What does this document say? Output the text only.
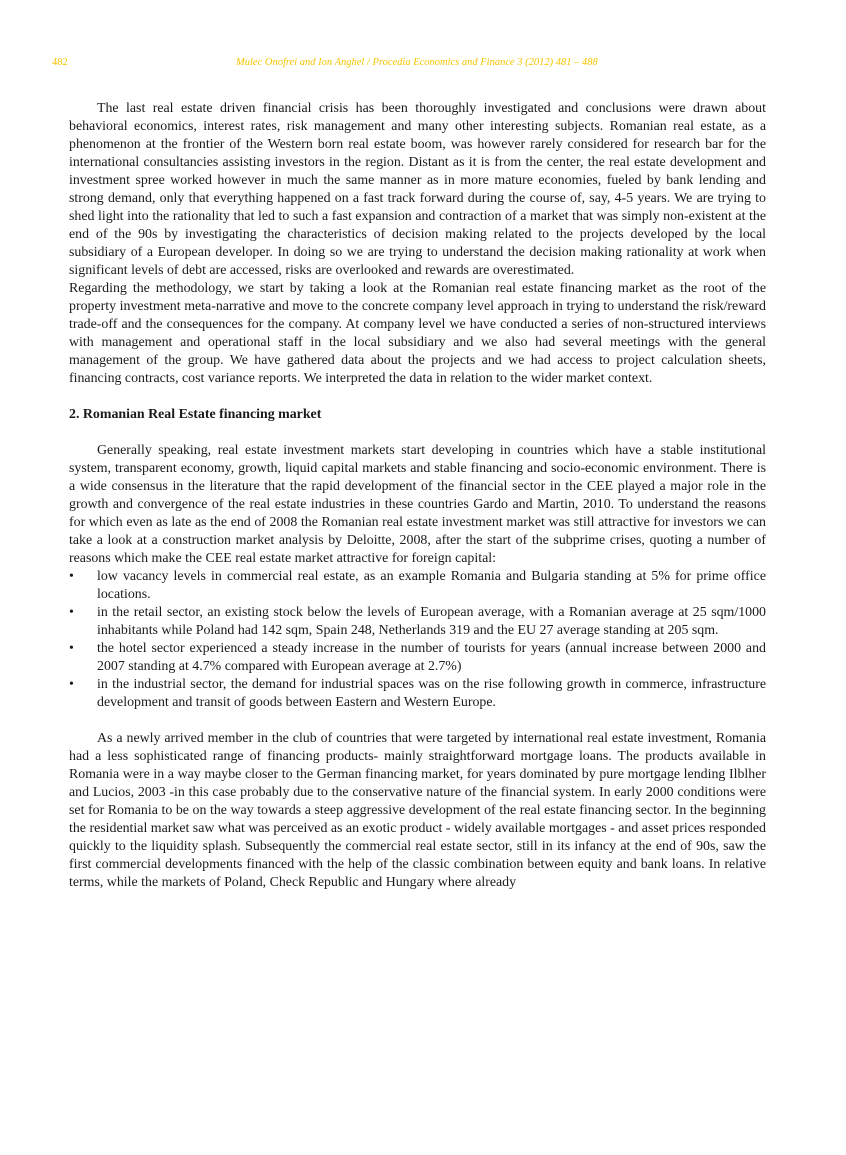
482	Mulec Onofrei and Ion Anghel / Procedia Economics and Finance 3 (2012) 481 – 488

The last real estate driven financial crisis has been thoroughly investigated and conclusions were drawn about behavioral economics, interest rates, risk management and many other interesting subjects. Romanian real estate, as a phenomenon at the frontier of the Western born real estate boom, was however rarely considered for research bar for the international consultancies assisting investors in the region. Distant as it is from the center, the real estate development and investment spree worked however in much the same manner as in more mature economies, fueled by bank lending and strong demand, only that everything happened on a fast track forward during the course of, say, 4-5 years. We are trying to shed light into the rationality that led to such a fast expansion and contraction of a market that was simply non-existent at the end of the 90s by investigating the characteristics of decision making related to the projects developed by the local subsidiary of a European developer. In doing so we are trying to understand the decision making rationality at work when significant levels of debt are accessed, risks are overlooked and rewards are overestimated.

Regarding the methodology, we start by taking a look at the Romanian real estate financing market as the root of the property investment meta-narrative and move to the concrete company level approach in trying to understand the risk/reward trade-off and the consequences for the company. At company level we have conducted a series of non-structured interviews with management and operational staff in the local subsidiary and we also had several meetings with the general management of the group. We have gathered data about the projects and we had access to project calculation sheets, financing contracts, cost variance reports. We interpreted the data in relation to the wider market context.

2. Romanian Real Estate financing market

Generally speaking, real estate investment markets start developing in countries which have a stable institutional system, transparent economy, growth, liquid capital markets and stable financing and socio-economic environment. There is a wide consensus in the literature that the rapid development of the financial sector in the CEE played a major role in the growth and convergence of the real estate industries in these countries Gardo and Martin, 2010. To understand the reasons for which even as late as the end of 2008 the Romanian real estate investment market was still attractive for investors we can take a look at a construction market analysis by Deloitte, 2008, after the start of the subprime crises, quoting a number of reasons which make the CEE real estate market attractive for foreign capital:

•	low vacancy levels in commercial real estate, as an example Romania and Bulgaria standing at 5% for prime office locations.
•	in the retail sector, an existing stock below the levels of European average, with a Romanian average at 25 sqm/1000 inhabitants while Poland had 142 sqm, Spain 248, Netherlands 319 and the EU 27 average standing at 205 sqm.
•	the hotel sector experienced a steady increase in the number of tourists for years (annual increase between 2000 and 2007 standing at 4.7% compared with European average at 2.7%)
•	in the industrial sector, the demand for industrial spaces was on the rise following growth in commerce, infrastructure development and transit of goods between Eastern and Western Europe.

As a newly arrived member in the club of countries that were targeted by international real estate investment, Romania had a less sophisticated range of financing products- mainly straightforward mortgage loans. The products available in Romania were in a way maybe closer to the German financing market, for years dominated by pure mortgage lending Ilblher and Lucios, 2003 -in this case probably due to the conservative nature of the financial system. In early 2000 conditions were set for Romania to be on the way towards a steep aggressive development of the real estate financing sector. In the beginning the residential market saw what was perceived as an exotic product - widely available mortgages - and asset prices responded quickly to the liquidity splash. Subsequently the commercial real estate sector, still in its infancy at the end of 90s, saw the first commercial developments financed with the help of the classic combination between equity and bank loans. In relative terms, while the markets of Poland, Check Republic and Hungary where already
